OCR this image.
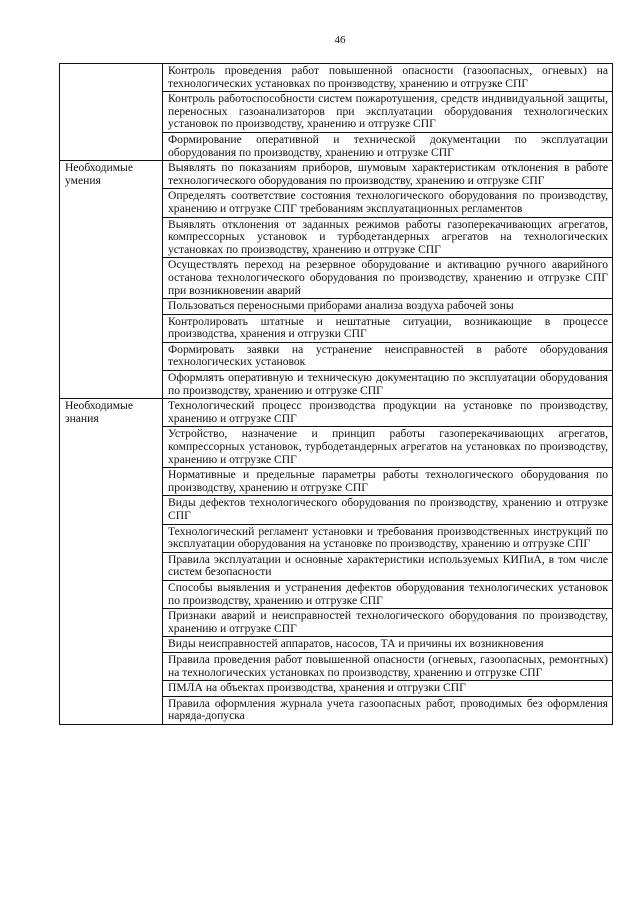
46
	Контроль проведения работ повышенной опасности (газоопасных, огневых) на технологических установках по производству, хранению и отгрузке СПГ
	Контроль работоспособности систем пожаротушения, средств индивидуальной защиты, переносных газоанализаторов при эксплуатации оборудования технологических установок по производству, хранению и отгрузке СПГ
	Формирование оперативной и технической документации по эксплуатации оборудования по производству, хранению и отгрузке СПГ
Необходимые умения	Выявлять по показаниям приборов, шумовым характеристикам отклонения в работе технологического оборудования по производству, хранению и отгрузке СПГ
	Определять соответствие состояния технологического оборудования по производству, хранению и отгрузке СПГ требованиям эксплуатационных регламентов
	Выявлять отклонения от заданных режимов работы газоперекачивающих агрегатов, компрессорных установок и турбодетандерных агрегатов на технологических установках по производству, хранению и отгрузке СПГ
	Осуществлять переход на резервное оборудование и активацию ручного аварийного останова технологического оборудования по производству, хранению и отгрузке СПГ при возникновении аварий
	Пользоваться переносными приборами анализа воздуха рабочей зоны
	Контролировать штатные и нештатные ситуации, возникающие в процессе производства, хранения и отгрузки СПГ
	Формировать заявки на устранение неисправностей в работе оборудования технологических установок
	Оформлять оперативную и техническую документацию по эксплуатации оборудования по производству, хранению и отгрузке СПГ
Необходимые знания	Технологический процесс производства продукции на установке по производству, хранению и отгрузке СПГ
	Устройство, назначение и принцип работы газоперекачивающих агрегатов, компрессорных установок, турбодетандерных агрегатов на установках по производству, хранению и отгрузке СПГ
	Нормативные и предельные параметры работы технологического оборудования по производству, хранению и отгрузке СПГ
	Виды дефектов технологического оборудования по производству, хранению и отгрузке СПГ
	Технологический регламент установки и требования производственных инструкций по эксплуатации оборудования на установке по производству, хранению и отгрузке СПГ
	Правила эксплуатации и основные характеристики используемых КИПиА, в том числе систем безопасности
	Способы выявления и устранения дефектов оборудования технологических установок по производству, хранению и отгрузке СПГ
	Признаки аварий и неисправностей технологического оборудования по производству, хранению и отгрузке СПГ
	Виды неисправностей аппаратов, насосов, ТА и причины их возникновения
	Правила проведения работ повышенной опасности (огневых, газоопасных, ремонтных) на технологических установках по производству, хранению и отгрузке СПГ
	ПМЛА на объектах производства, хранения и отгрузки СПГ
	Правила оформления журнала учета газоопасных работ, проводимых без оформления наряда-допуска
